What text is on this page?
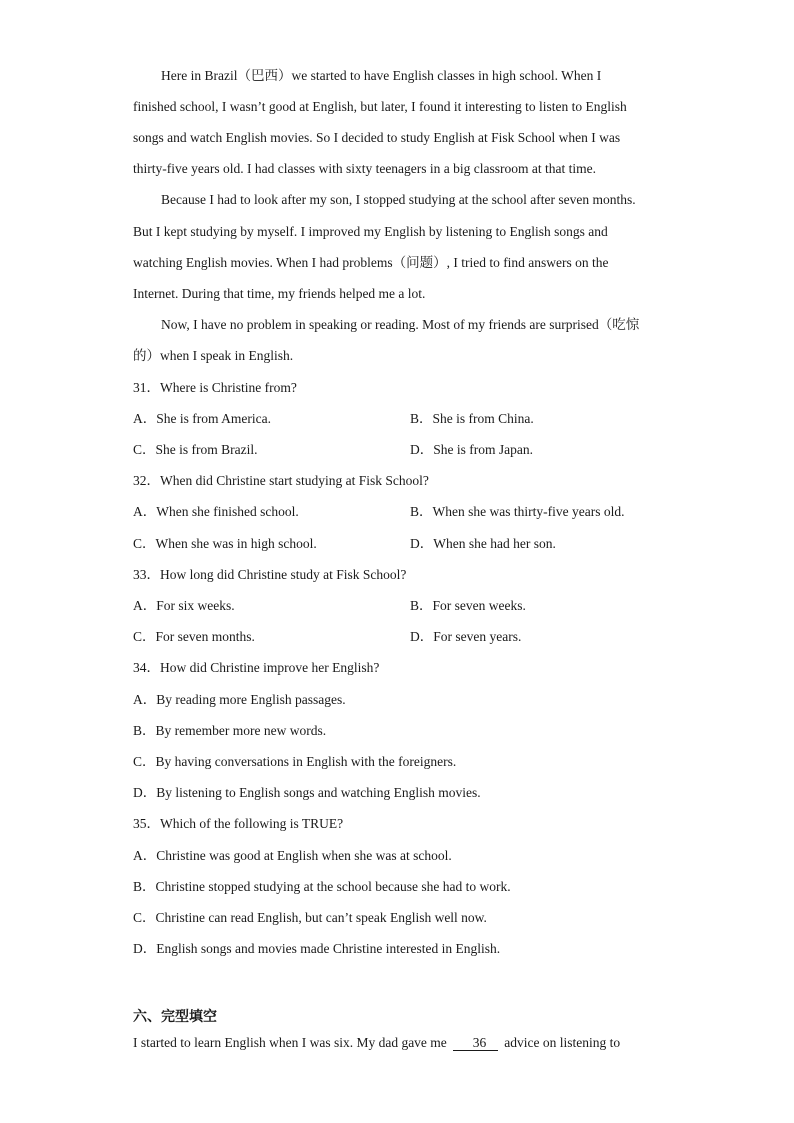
Here in Brazil（巴西）we started to have English classes in high school. When I
finished school, I wasn’t good at English, but later, I found it interesting to listen to English
songs and watch English movies. So I decided to study English at Fisk School when I was
thirty-five years old. I had classes with sixty teenagers in a big classroom at that time.
Because I had to look after my son, I stopped studying at the school after seven months.
But I kept studying by myself. I improved my English by listening to English songs and
watching English movies. When I had problems（问题）, I tried to find answers on the
Internet. During that time, my friends helped me a lot.
Now, I have no problem in speaking or reading. Most of my friends are surprised（吃惊
的）when I speak in English.
31．Where is Christine from?
A．She is from America.	B．She is from China.
C．She is from Brazil.	D．She is from Japan.
32．When did Christine start studying at Fisk School?
A．When she finished school.	B．When she was thirty-five years old.
C．When she was in high school.	D．When she had her son.
33．How long did Christine study at Fisk School?
A．For six weeks.	B．For seven weeks.
C．For seven months.	D．For seven years.
34．How did Christine improve her English?
A．By reading more English passages.
B．By remember more new words.
C．By having conversations in English with the foreigners.
D．By listening to English songs and watching English movies.
35．Which of the following is TRUE?
A．Christine was good at English when she was at school.
B．Christine stopped studying at the school because she had to work.
C．Christine can read English, but can’t speak English well now.
D．English songs and movies made Christine interested in English.
六、完型填空
I started to learn English when I was six. My dad gave me 36 advice on listening to
